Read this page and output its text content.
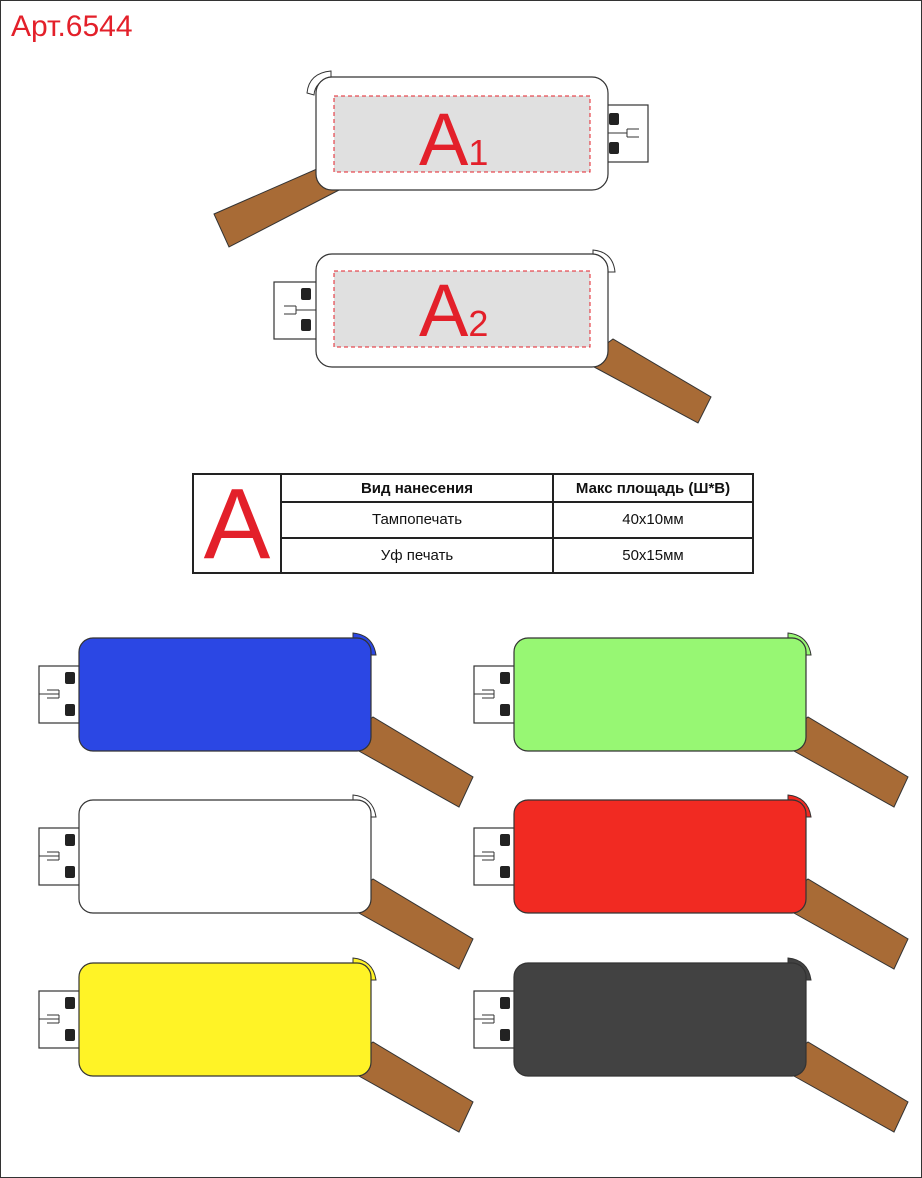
Арт.6544
A1
A2
A	Вид нанесения	Макс площадь (Ш*В)
	Тампопечать	40x10мм
	Уф печать	50x15мм
